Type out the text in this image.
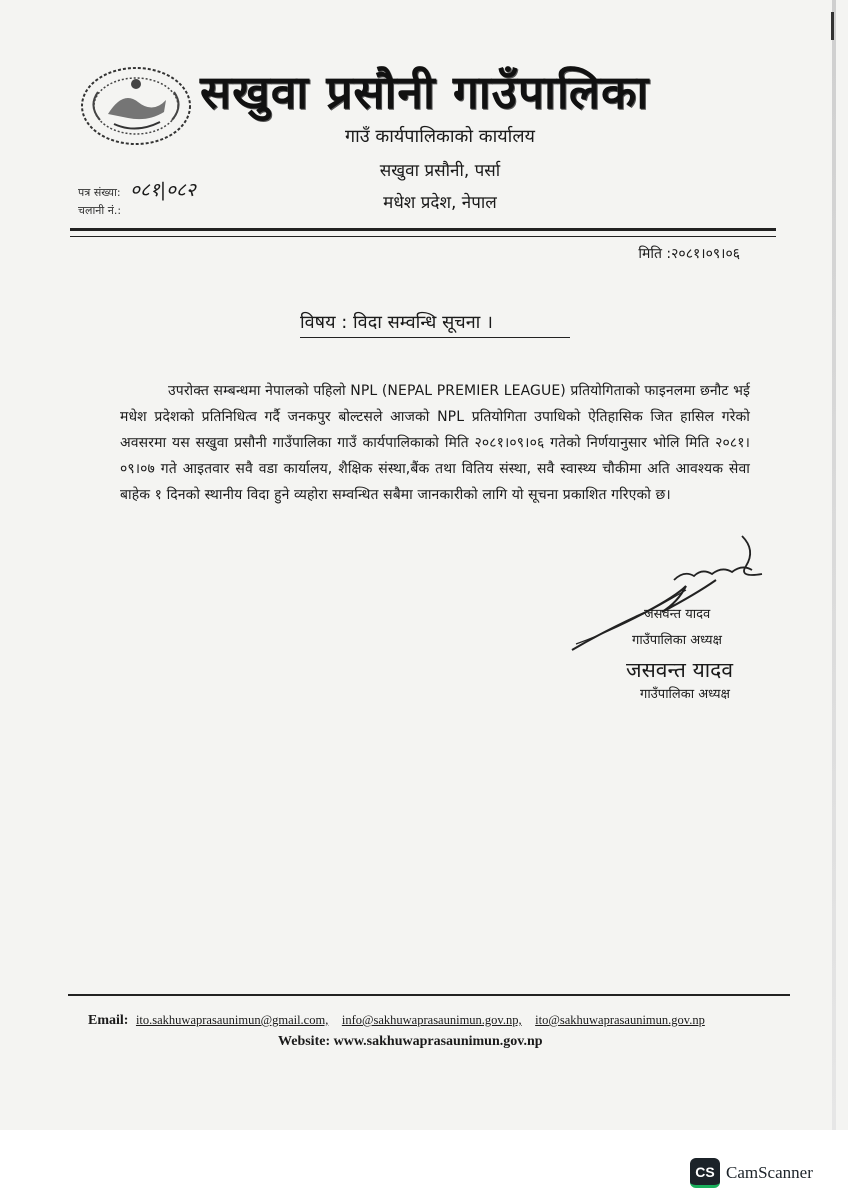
सखुवा प्रसौनी गाउँपालिका
गाउँ कार्यपालिकाको कार्यालय
सखुवा प्रसौनी, पर्सा
मधेश प्रदेश, नेपाल
पत्र संख्या: ०८१|०८२
चलानी नं.:
मिति :२०८१।०९।०६
विषय : विदा सम्वन्धि सूचना ।
उपरोक्त सम्बन्धमा नेपालको पहिलो NPL (NEPAL PREMIER LEAGUE) प्रतियोगिताको फाइनलमा छनौट भई मधेश प्रदेशको प्रतिनिधित्व गर्दै जनकपुर बोल्टसले आजको NPL प्रतियोगिता उपाधिको ऐतिहासिक जित हासिल गरेको अवसरमा यस सखुवा प्रसौनी गाउँपालिका गाउँ कार्यपालिकाको मिति २०८१।०९।०६ गतेको निर्णयानुसार भोलि मिति २०८१।०९।०७ गते आइतवार सवै वडा कार्यालय, शैक्षिक संस्था,बैंक तथा वितिय संस्था, सवै स्वास्थ्य चौकीमा अति आवश्यक सेवा बाहेक १ दिनको स्थानीय विदा हुने व्यहोरा सम्वन्धित सबैमा जानकारीको लागि यो सूचना प्रकाशित गरिएको छ।
जसवन्त यादव
गाउँपालिका अध्यक्ष
जसवन्त यादव
गाउँपालिका अध्यक्ष
Email: ito.sakhuwaprasaunimun@gmail.com, info@sakhuwaprasaunimun.gov.np, ito@sakhuwaprasaunimun.gov.np
Website: www.sakhuwaprasaunimun.gov.np
CS CamScanner
